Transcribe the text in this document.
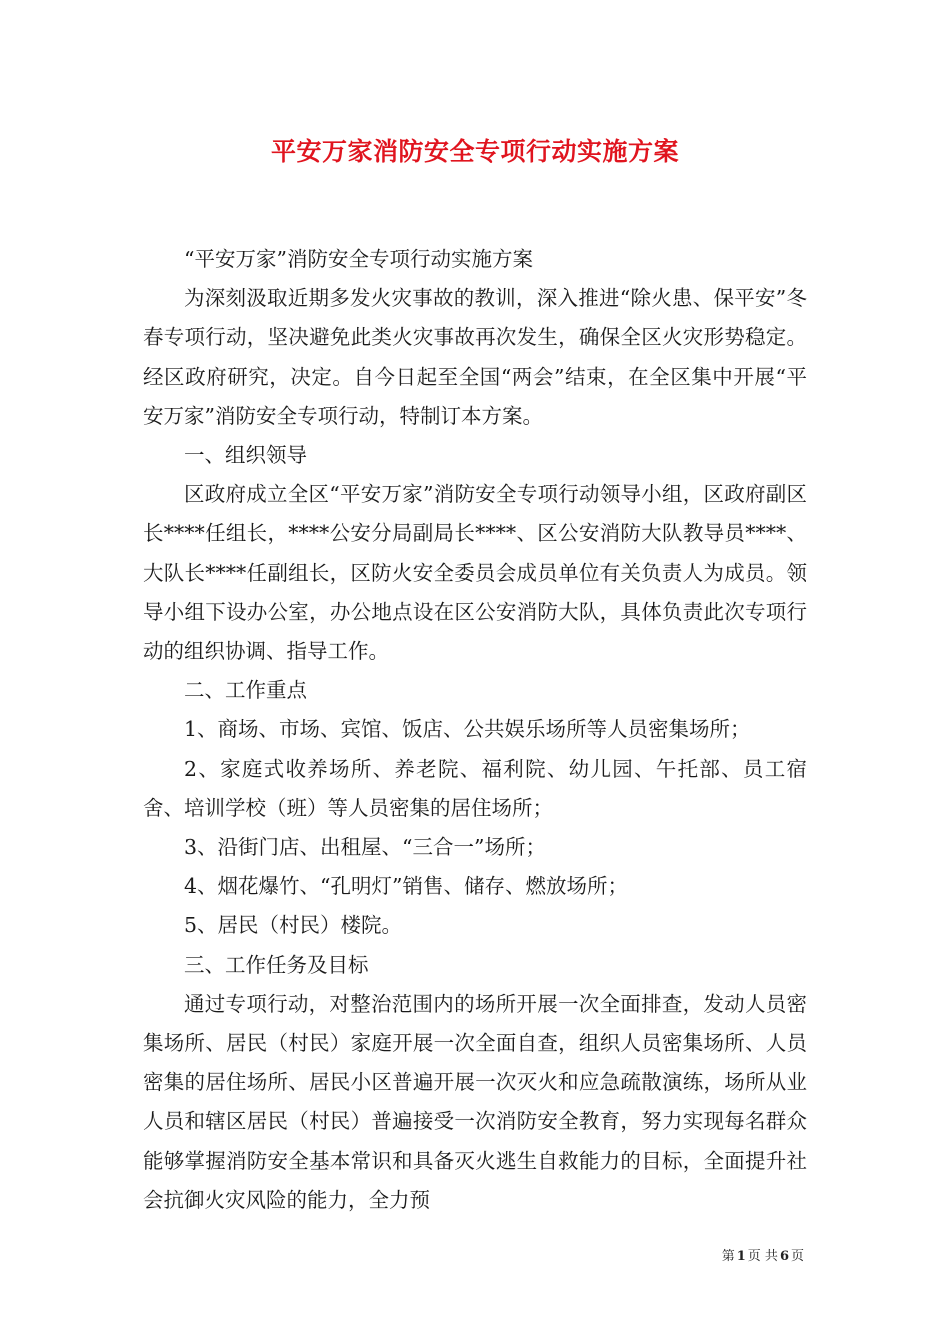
平安万家消防安全专项行动实施方案

“平安万家”消防安全专项行动实施方案

为深刻汲取近期多发火灾事故的教训，深入推进“除火患、保平安”冬春专项行动，坚决避免此类火灾事故再次发生，确保全区火灾形势稳定。经区政府研究，决定。自今日起至全国“两会”结束，在全区集中开展“平安万家”消防安全专项行动，特制订本方案。

一、组织领导

区政府成立全区“平安万家”消防安全专项行动领导小组，区政府副区长****任组长，****公安分局副局长****、区公安消防大队教导员****、大队长****任副组长，区防火安全委员会成员单位有关负责人为成员。领导小组下设办公室，办公地点设在区公安消防大队，具体负责此次专项行动的组织协调、指导工作。

二、工作重点

1、商场、市场、宾馆、饭店、公共娱乐场所等人员密集场所；

2、家庭式收养场所、养老院、福利院、幼儿园、午托部、员工宿舍、培训学校（班）等人员密集的居住场所；

3、沿街门店、出租屋、“三合一”场所；

4、烟花爆竹、“孔明灯”销售、储存、燃放场所；

5、居民（村民）楼院。

三、工作任务及目标

通过专项行动，对整治范围内的场所开展一次全面排查，发动人员密集场所、居民（村民）家庭开展一次全面自查，组织人员密集场所、人员密集的居住场所、居民小区普遍开展一次灭火和应急疏散演练，场所从业人员和辖区居民（村民）普遍接受一次消防安全教育，努力实现每名群众能够掌握消防安全基本常识和具备灭火逃生自救能力的目标，全面提升社会抗御火灾风险的能力，全力预

第 1 页 共 6 页
